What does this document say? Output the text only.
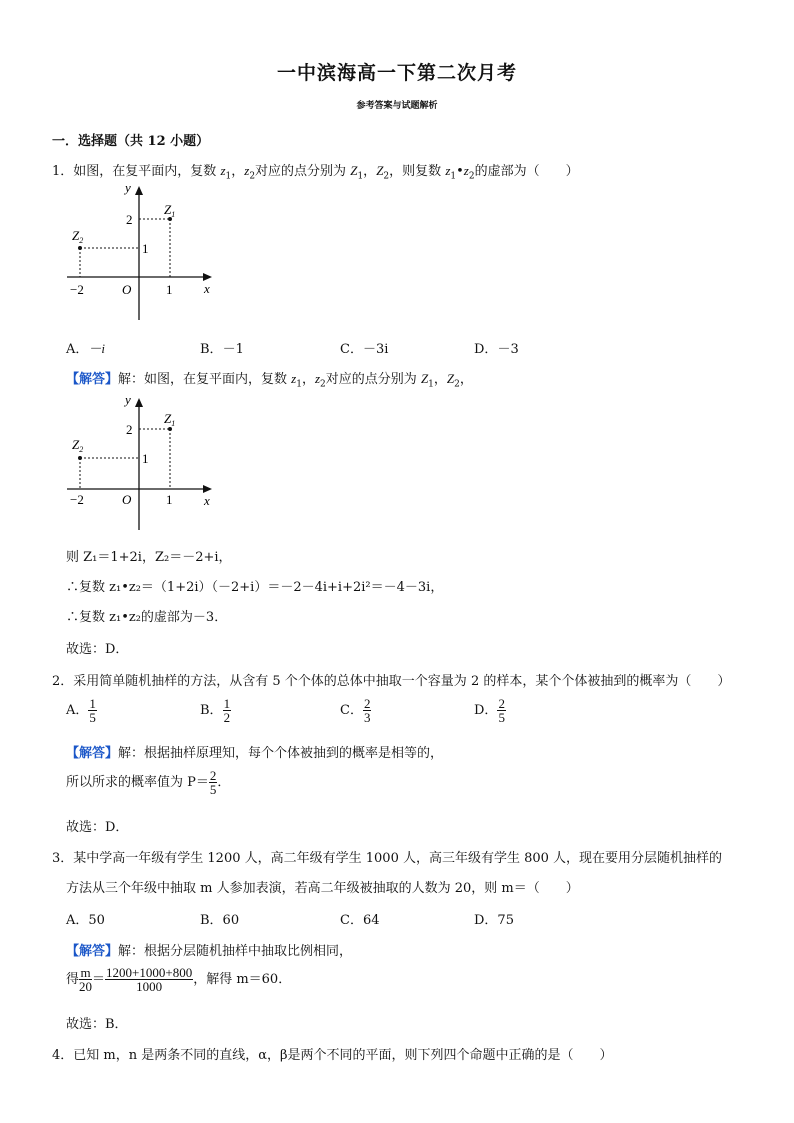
一中滨海高一下第二次月考
参考答案与试题解析
一．选择题（共 12 小题）
1．如图，在复平面内，复数 $z_1$，$z_2$对应的点分别为 $Z_1$，$Z_2$，则复数 $z_1•z_2$的虚部为（　　）
y
x
O
−2	1
2
1
$Z_1$
$Z_2$
A．－i	B．－1	C．－3i	D．－3
【解答】解：如图，在复平面内，复数 $z_1$，$z_2$对应的点分别为 $Z_1$，$Z_2$，
y
x
O
−2	1
2
1
$Z_1$
$Z_2$
则 Z₁＝1+2i，Z₂＝－2+i，
∴复数 z₁•z₂＝（1+2i）（－2+i）＝－2－4i+i+2i²＝－4－3i，
∴复数 z₁•z₂的虚部为－3．
故选：D．
2．采用简单随机抽样的方法，从含有 5 个个体的总体中抽取一个容量为 2 的样本，某个个体被抽到的概率为（　　）
A． $\frac{1}{5}$	B． $\frac{1}{2}$	C． $\frac{2}{3}$	D． $\frac{2}{5}$
【解答】解：根据抽样原理知，每个个体被抽到的概率是相等的，
所以所求的概率值为 $P= \frac{2}{5}$ ．
故选：D．
3．某中学高一年级有学生 1200 人，高二年级有学生 1000 人，高三年级有学生 800 人，现在要用分层随机抽样的
方法从三个年级中抽取 m 人参加表演，若高二年级被抽取的人数为 20，则 m＝（　　）
A．50	B．60	C．64	D．75
【解答】解：根据分层随机抽样中抽取比例相同，
得 $\frac{m}{20} = \frac{1200+1000+800}{1000}$ ，解得 m＝60．
故选：B．
4．已知 m，n 是两条不同的直线，α，β是两个不同的平面，则下列四个命题中正确的是（　　）
